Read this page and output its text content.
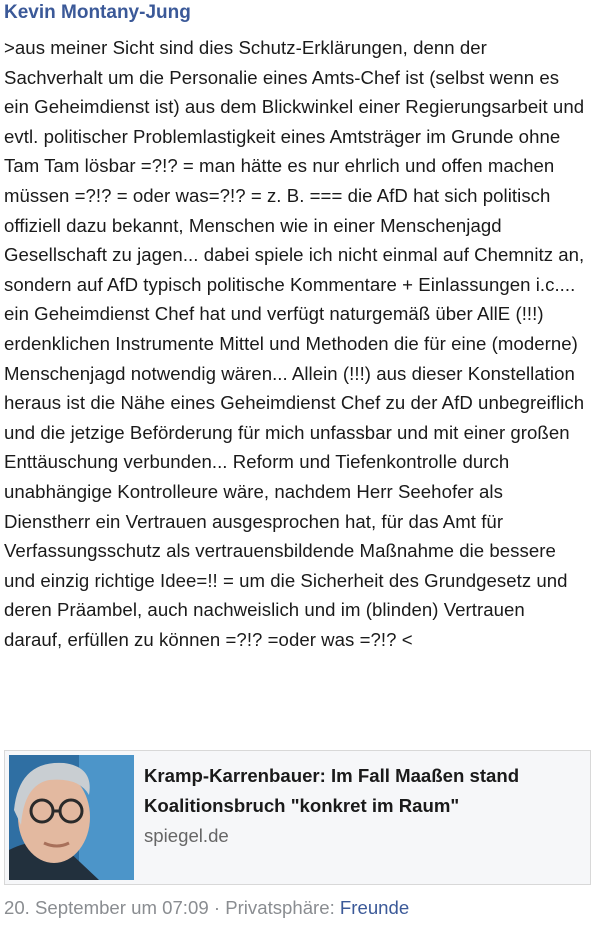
Kevin Montany-Jung

>aus meiner Sicht sind dies Schutz-Erklärungen, denn der Sachverhalt um die Personalie eines Amts-Chef ist (selbst wenn es ein Geheimdienst ist) aus dem Blickwinkel einer Regierungsarbeit und evtl. politischer Problemlastigkeit eines Amtsträger im Grunde ohne Tam Tam lösbar =?!? = man hätte es nur ehrlich und offen machen müssen =?!? = oder was=?!? = z. B. === die AfD hat sich politisch offiziell dazu bekannt, Menschen wie in einer Menschenjagd Gesellschaft zu jagen... dabei spiele ich nicht einmal auf Chemnitz an, sondern auf AfD typisch politische Kommentare + Einlassungen i.c.... ein Geheimdienst Chef hat und verfügt naturgemäß über AllE (!!!) erdenklichen Instrumente Mittel und Methoden die für eine (moderne) Menschenjagd notwendig wären... Allein (!!!) aus dieser Konstellation heraus ist die Nähe eines Geheimdienst Chef zu der AfD unbegreiflich und die jetzige Beförderung für mich unfassbar und mit einer großen Enttäuschung verbunden... Reform und Tiefenkontrolle durch unabhängige Kontrolleure wäre, nachdem Herr Seehofer als Dienstherr ein Vertrauen ausgesprochen hat, für das Amt für Verfassungsschutz als vertrauensbildende Maßnahme die bessere und einzig richtige Idee=!! = um die Sicherheit des Grundgesetz und deren Präambel, auch nachweislich und im (blinden) Vertrauen darauf, erfüllen zu können =?!? =oder was =?!? <

Kramp-Karrenbauer: Im Fall Maaßen stand Koalitionsbruch "konkret im Raum"
spiegel.de
20. September um 07:09 · Privatsphäre: Freunde
